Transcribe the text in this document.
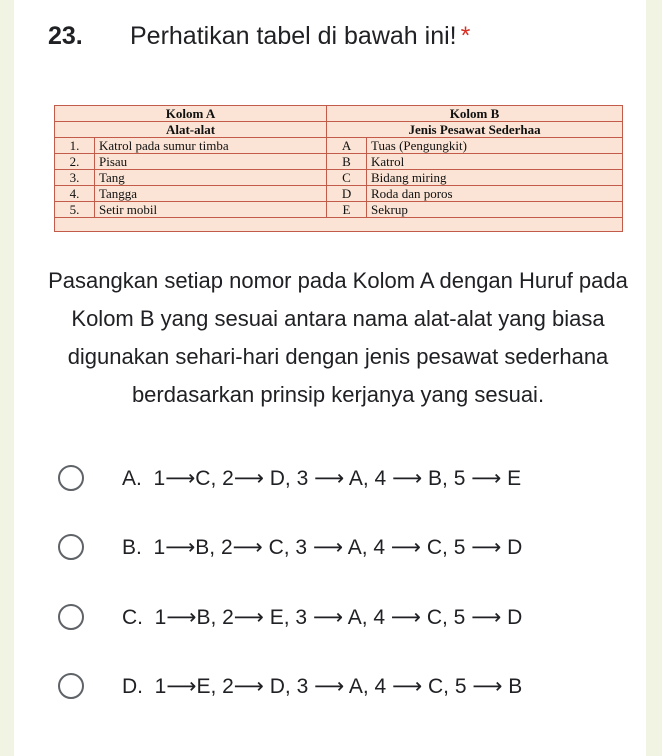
23. Perhatikan tabel di bawah ini! *
Kolom A		Kolom B	
Alat-alat		Jenis Pesawat Sederhaa	
1.	Katrol pada sumur timba	A	Tuas (Pengungkit)
2.	Pisau	B	Katrol
3.	Tang	C	Bidang miring
4.	Tangga	D	Roda dan poros
5.	Setir mobil	E	Sekrup

Pasangkan setiap nomor pada Kolom A dengan Huruf pada Kolom B yang sesuai antara nama alat-alat yang biasa digunakan sehari-hari dengan jenis pesawat sederhana berdasarkan prinsip kerjanya yang sesuai.
A. 1⟶C, 2⟶ D, 3 ⟶ A, 4 ⟶ B, 5 ⟶ E
B. 1⟶B, 2⟶ C, 3 ⟶ A, 4 ⟶ C, 5 ⟶ D
C. 1⟶B, 2⟶ E, 3 ⟶ A, 4 ⟶ C, 5 ⟶ D
D. 1⟶E, 2⟶ D, 3 ⟶ A, 4 ⟶ C, 5 ⟶ B
